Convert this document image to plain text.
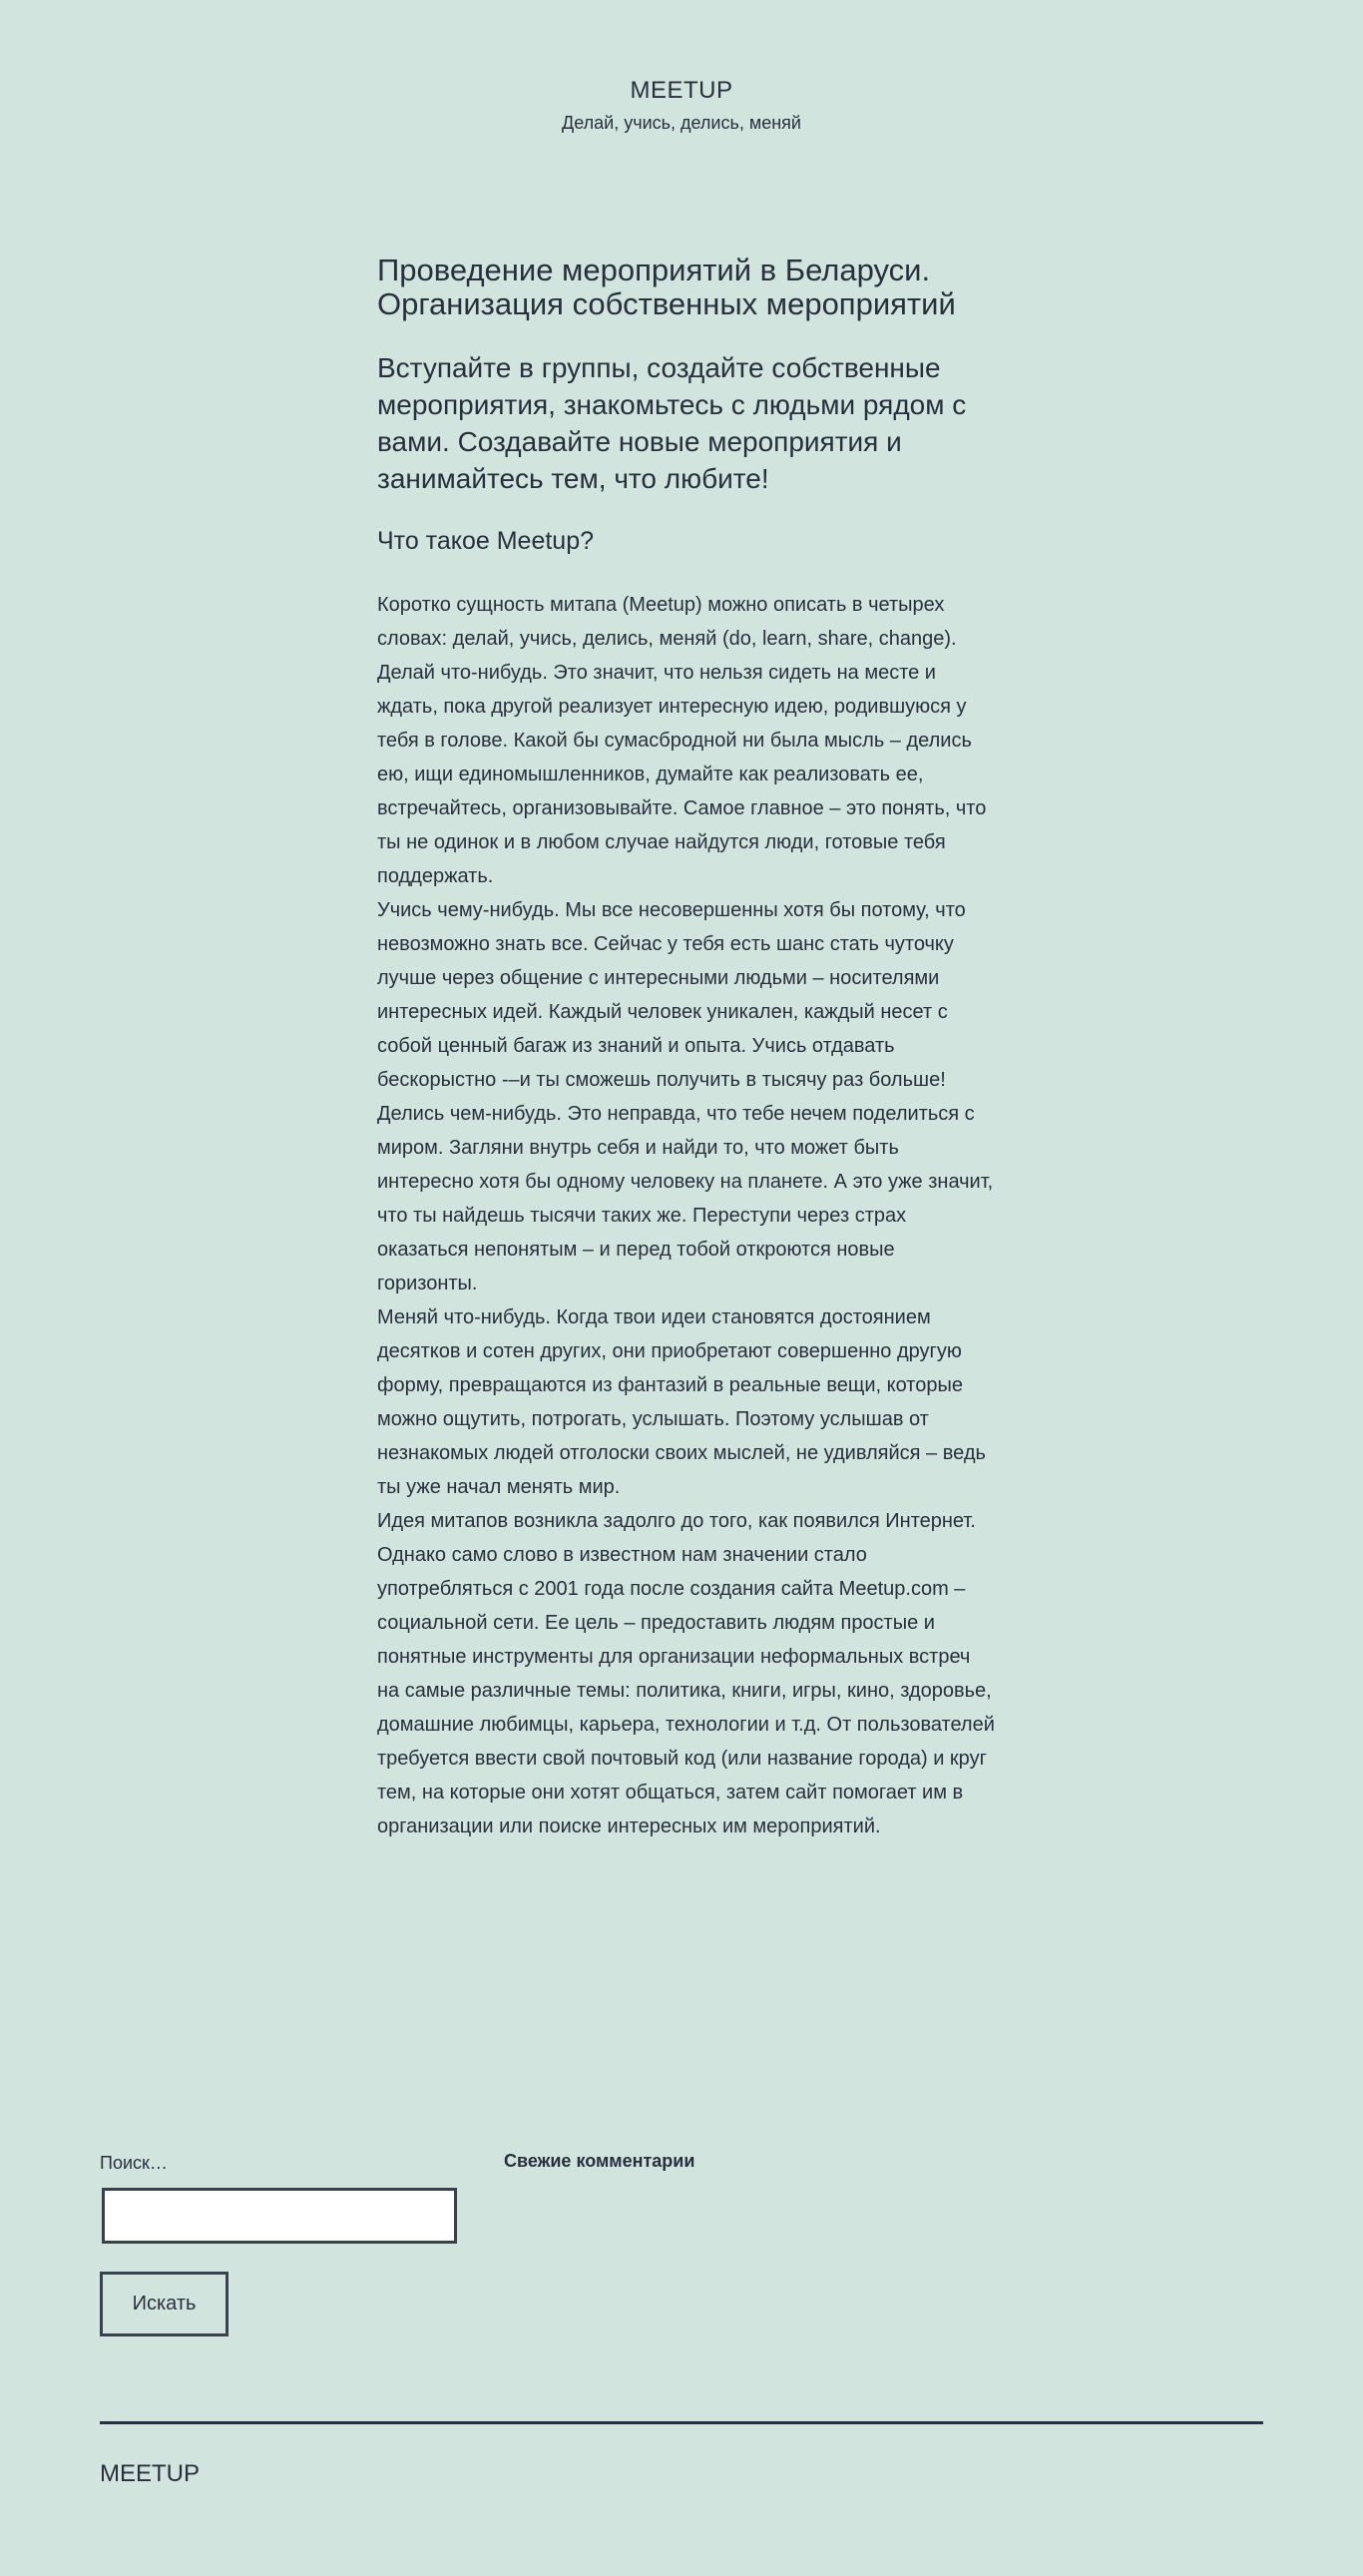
MEETUP
Делай, учись, делись, меняй
Проведение мероприятий в Беларуси. Организация собственных мероприятий
Вступайте в группы, создайте собственные мероприятия, знакомьтесь с людьми рядом с вами. Создавайте новые мероприятия и занимайтесь тем, что любите!
Что такое Meetup?

Коротко сущность митапа (Meetup) можно описать в четырех словах: делай, учись, делись, меняй (do, learn, share, change).

Делай что-нибудь. Это значит, что нельзя сидеть на месте и ждать, пока другой реализует интересную идею, родившуюся у тебя в голове. Какой бы сумасбродной ни была мысль – делись ею, ищи единомышленников, думайте как реализовать ее, встречайтесь, организовывайте. Самое главное – это понять, что ты не одинок и в любом случае найдутся люди, готовые тебя поддержать.

Учись чему-нибудь. Мы все несовершенны хотя бы потому, что невозможно знать все. Сейчас у тебя есть шанс стать чуточку лучше через общение с интересными людьми – носителями интересных идей. Каждый человек уникален, каждый несет с собой ценный багаж из знаний и опыта. Учись отдавать бескорыстно -–и ты сможешь получить в тысячу раз больше!

Делись чем-нибудь. Это неправда, что тебе нечем поделиться с миром. Загляни внутрь себя и найди то, что может быть интересно хотя бы одному человеку на планете. А это уже значит, что ты найдешь тысячи таких же. Переступи через страх оказаться непонятым – и перед тобой откроются новые горизонты.

Меняй что-нибудь. Когда твои идеи становятся достоянием десятков и сотен других, они приобретают совершенно другую форму, превращаются из фантазий в реальные вещи, которые можно ощутить, потрогать, услышать. Поэтому услышав от незнакомых людей отголоски своих мыслей, не удивляйся – ведь ты уже начал менять мир.

Идея митапов возникла задолго до того, как появился Интернет. Однако само слово в известном нам значении стало употребляться с 2001 года после создания сайта Meetup.com – социальной сети. Ее цель – предоставить людям простые и понятные инструменты для организации неформальных встреч на самые различные темы: политика, книги, игры, кино, здоровье, домашние любимцы, карьера, технологии и т.д. От пользователей требуется ввести свой почтовый код (или название города) и круг тем, на которые они хотят общаться, затем сайт помогает им в организации или поиске интересных им мероприятий.

Поиск…
Искать
Свежие комментарии
MEETUP
